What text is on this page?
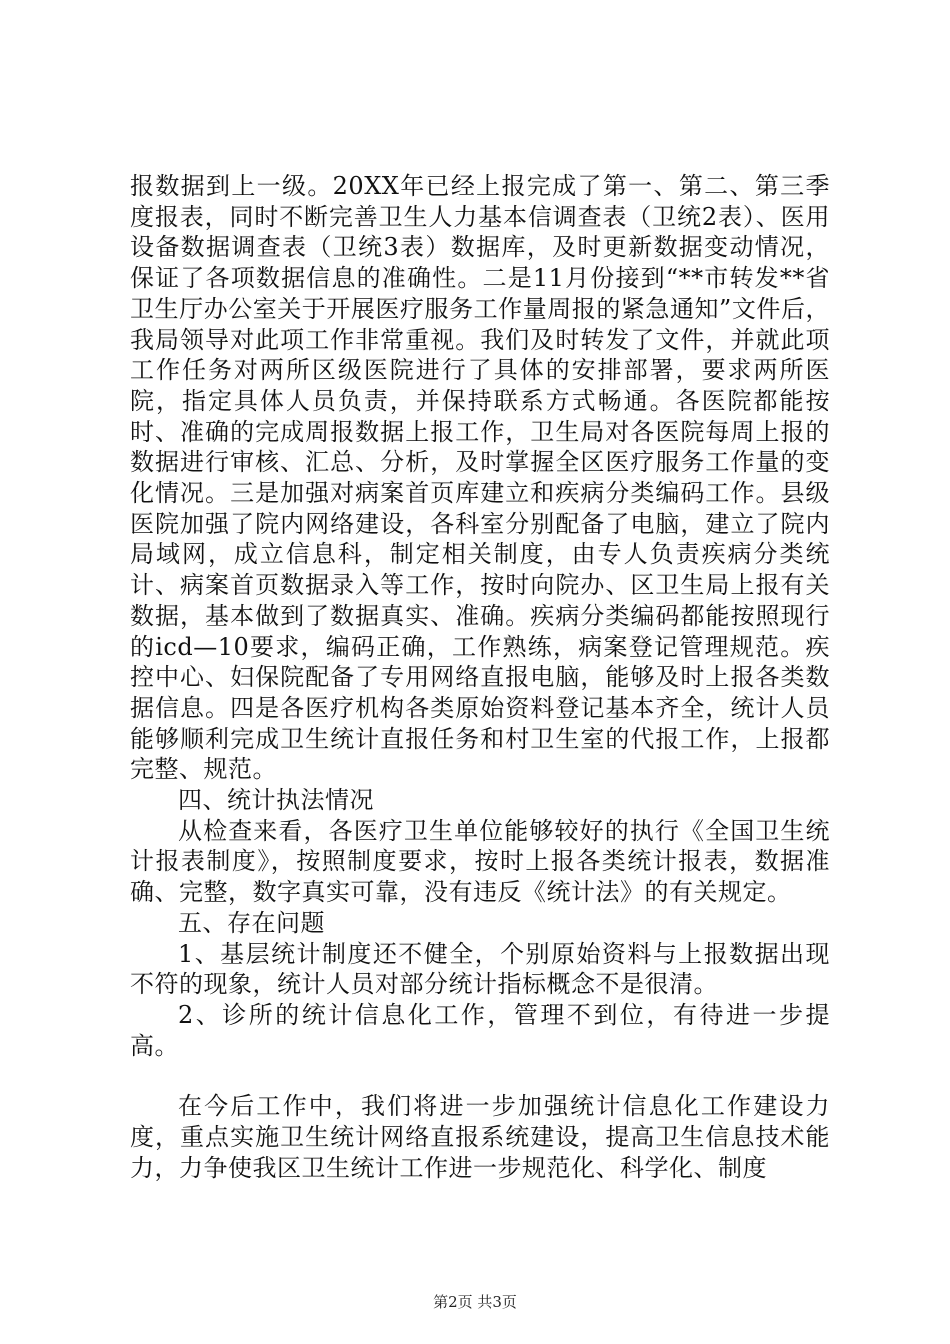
报数据到上一级。20XX年已经上报完成了第一、第二、第三季度报表，同时不断完善卫生人力基本信调查表（卫统2表）、医用设备数据调查表（卫统3表）数据库，及时更新数据变动情况，保证了各项数据信息的准确性。二是11月份接到“**市转发**省卫生厅办公室关于开展医疗服务工作量周报的紧急通知”文件后，我局领导对此项工作非常重视。我们及时转发了文件，并就此项工作任务对两所区级医院进行了具体的安排部署，要求两所医院，指定具体人员负责，并保持联系方式畅通。各医院都能按时、准确的完成周报数据上报工作，卫生局对各医院每周上报的数据进行审核、汇总、分析，及时掌握全区医疗服务工作量的变化情况。三是加强对病案首页库建立和疾病分类编码工作。县级医院加强了院内网络建设，各科室分别配备了电脑，建立了院内局域网，成立信息科，制定相关制度，由专人负责疾病分类统计、病案首页数据录入等工作，按时向院办、区卫生局上报有关数据，基本做到了数据真实、准确。疾病分类编码都能按照现行的icd—10要求，编码正确，工作熟练，病案登记管理规范。疾控中心、妇保院配备了专用网络直报电脑，能够及时上报各类数据信息。四是各医疗机构各类原始资料登记基本齐全，统计人员能够顺利完成卫生统计直报任务和村卫生室的代报工作，上报都完整、规范。

四、统计执法情况

从检查来看，各医疗卫生单位能够较好的执行《全国卫生统计报表制度》，按照制度要求，按时上报各类统计报表，数据准确、完整，数字真实可靠，没有违反《统计法》的有关规定。

五、存在问题

1、基层统计制度还不健全，个别原始资料与上报数据出现不符的现象，统计人员对部分统计指标概念不是很清。

2、诊所的统计信息化工作，管理不到位，有待进一步提高。

在今后工作中，我们将进一步加强统计信息化工作建设力度，重点实施卫生统计网络直报系统建设，提高卫生信息技术能力，力争使我区卫生统计工作进一步规范化、科学化、制度

第2页 共3页
